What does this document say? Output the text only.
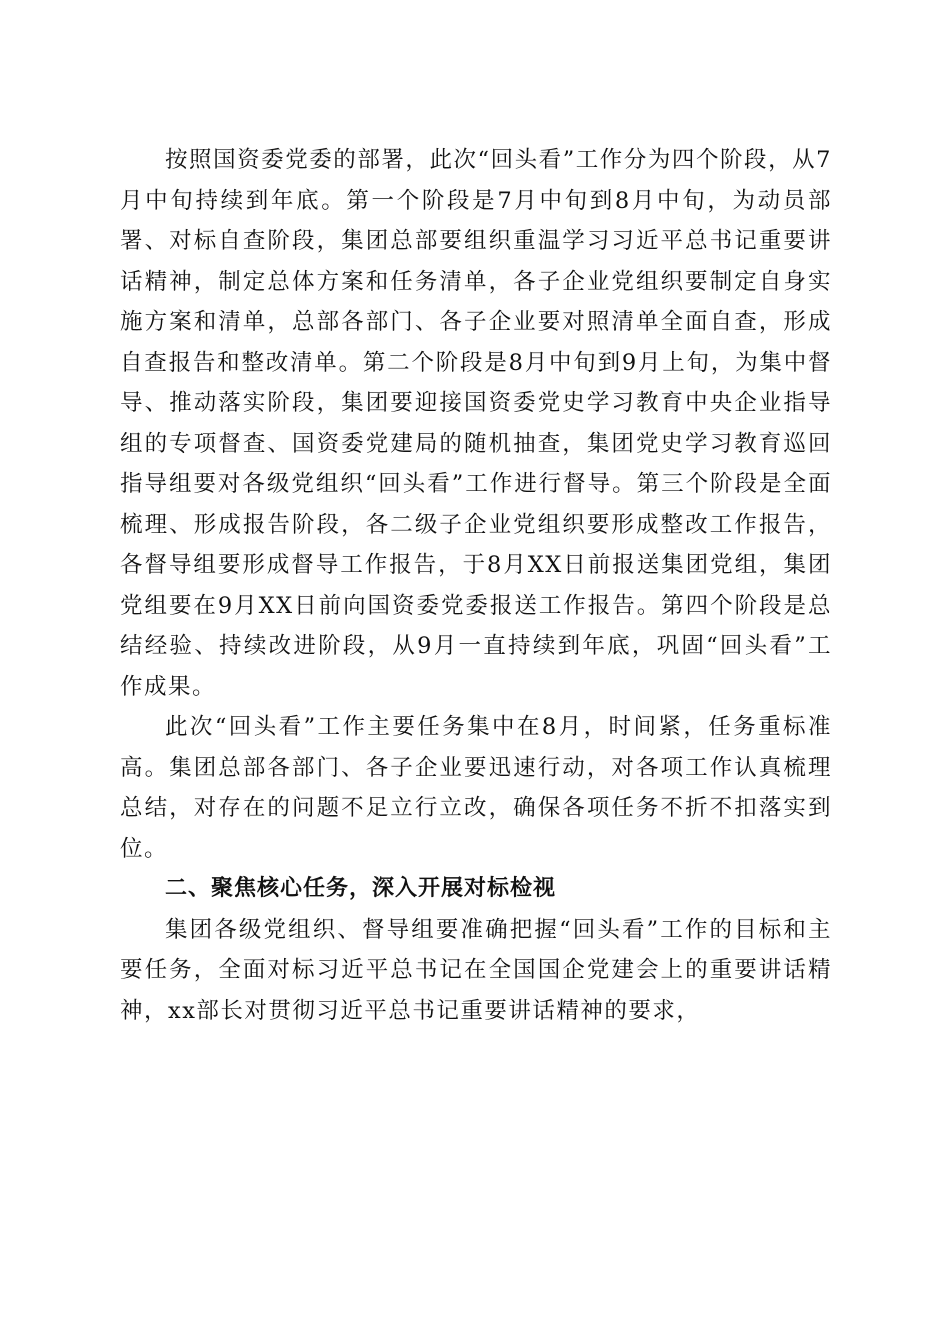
按照国资委党委的部署，此次“回头看”工作分为四个阶段，从7月中旬持续到年底。第一个阶段是7月中旬到8月中旬，为动员部署、对标自查阶段，集团总部要组织重温学习习近平总书记重要讲话精神，制定总体方案和任务清单，各子企业党组织要制定自身实施方案和清单，总部各部门、各子企业要对照清单全面自查，形成自查报告和整改清单。第二个阶段是8月中旬到9月上旬，为集中督导、推动落实阶段，集团要迎接国资委党史学习教育中央企业指导组的专项督查、国资委党建局的随机抽查，集团党史学习教育巡回指导组要对各级党组织“回头看”工作进行督导。第三个阶段是全面梳理、形成报告阶段，各二级子企业党组织要形成整改工作报告，各督导组要形成督导工作报告，于8月XX日前报送集团党组，集团党组要在9月XX日前向国资委党委报送工作报告。第四个阶段是总结经验、持续改进阶段，从9月一直持续到年底，巩固“回头看”工作成果。

此次“回头看”工作主要任务集中在8月，时间紧，任务重标准高。集团总部各部门、各子企业要迅速行动，对各项工作认真梳理总结，对存在的问题不足立行立改，确保各项任务不折不扣落实到位。

二、聚焦核心任务，深入开展对标检视

集团各级党组织、督导组要准确把握“回头看”工作的目标和主要任务，全面对标习近平总书记在全国国企党建会上的重要讲话精神，xx部长对贯彻习近平总书记重要讲话精神的要求，
